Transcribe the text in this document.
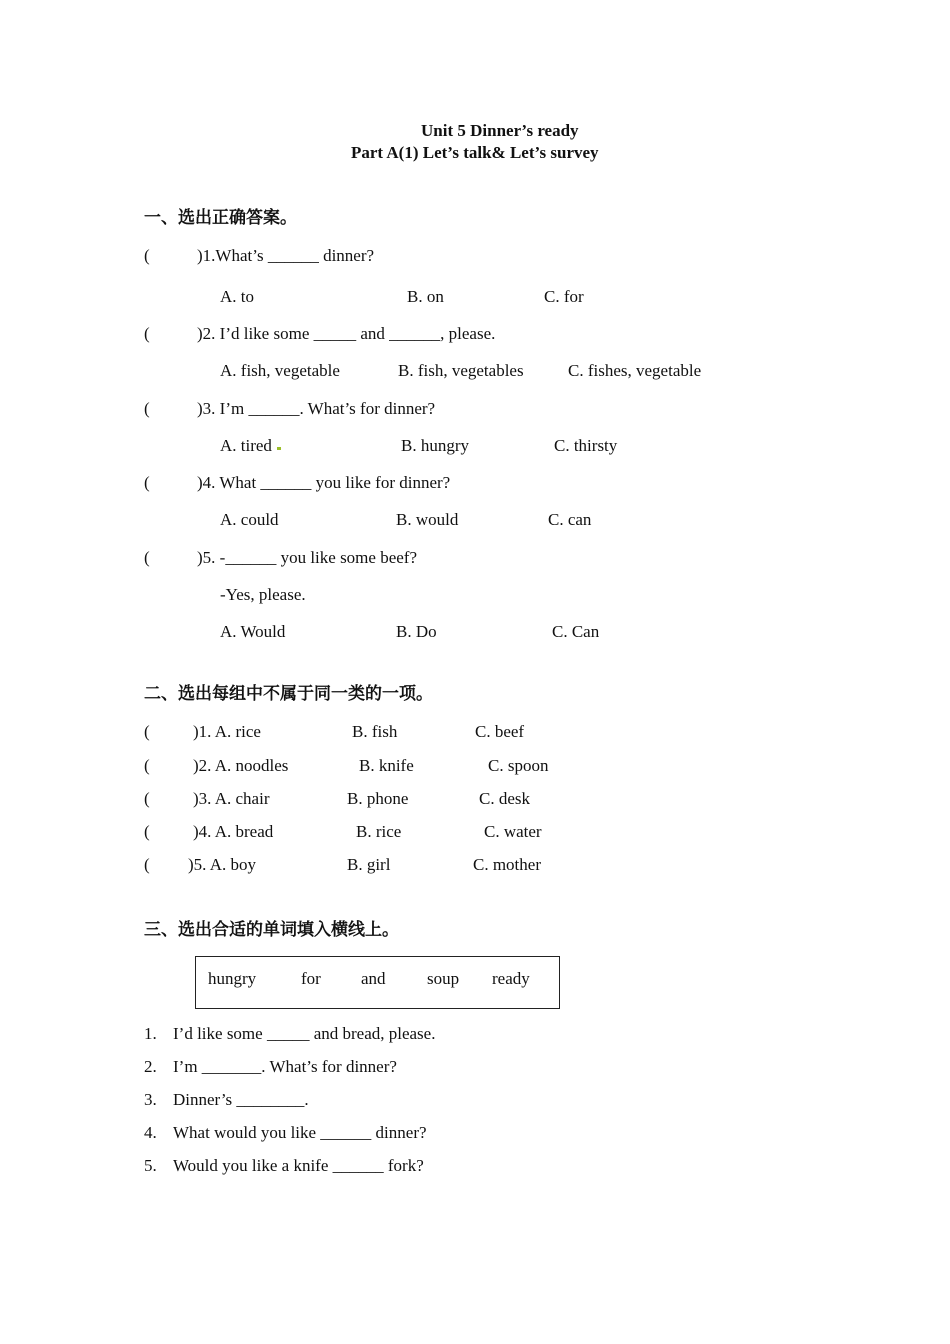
Unit 5 Dinner’s ready
Part A(1) Let’s talk& Let’s survey
一、选出正确答案。
(	)1.What’s ______ dinner?
A. to	B. on	C. for
(	)2. I’d like some _____ and ______, please.
A. fish, vegetable	B. fish, vegetables	C. fishes, vegetable
(	)3. I’m ______. What’s for dinner?
A. tired	B. hungry	C. thirsty
(	)4. What ______ you like for dinner?
A. could	B. would	C. can
(	)5. -______ you like some beef?
-Yes, please.
A. Would	B. Do	C. Can
二、选出每组中不属于同一类的一项。
(	)1. A. rice	B. fish	C. beef
(	)2. A. noodles	B. knife	C. spoon
(	)3. A. chair	B. phone	C. desk
(	)4. A. bread	B. rice	C. water
( )5. A. boy	B. girl	C. mother
三、选出合适的单词填入横线上。
hungry	for and soup ready
1. I’d like some _____ and bread, please.
2. I’m _______. What’s for dinner?
3. Dinner’s ________.
4. What would you like ______ dinner?
5. Would you like a knife ______ fork?
